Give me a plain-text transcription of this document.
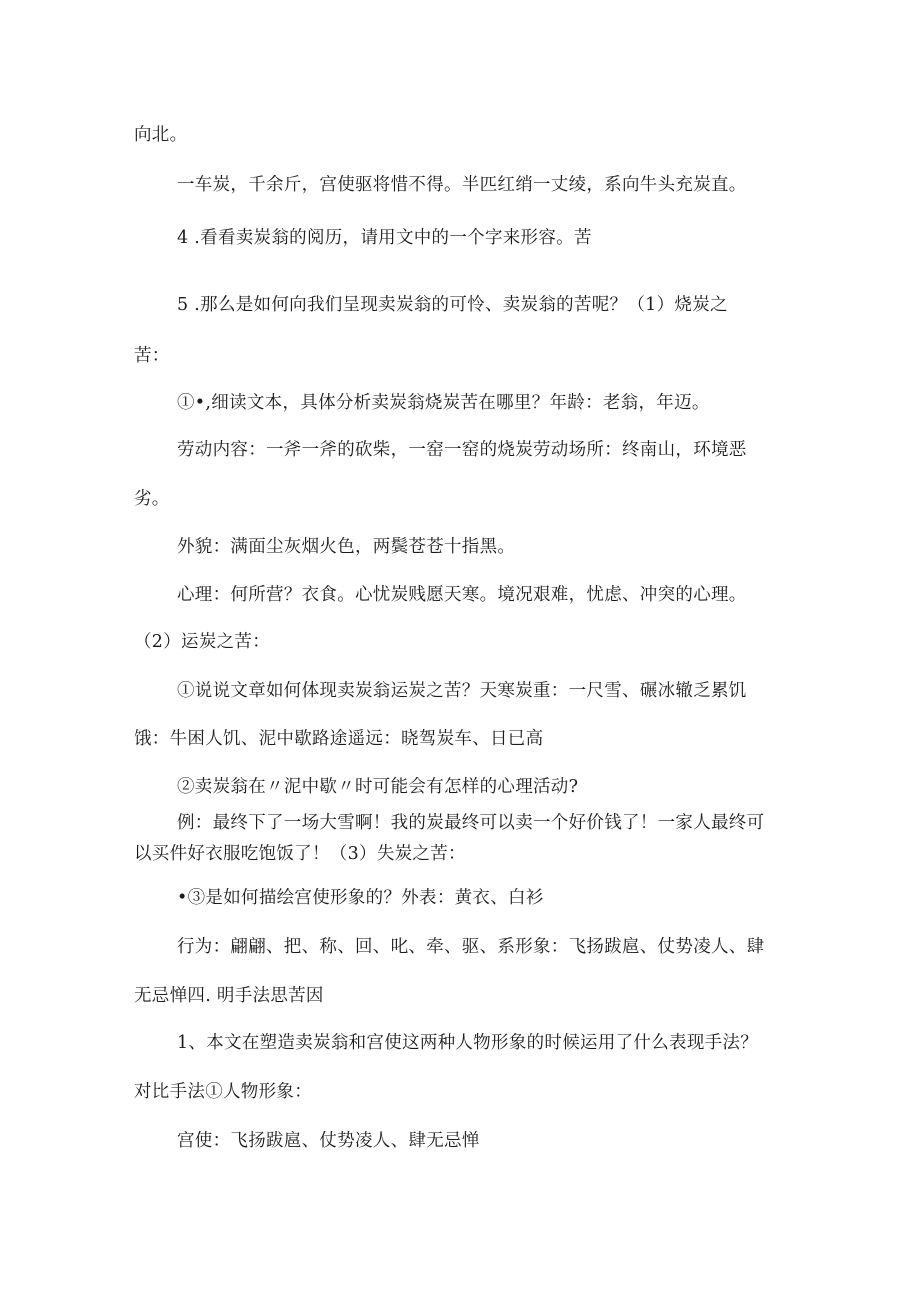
向北。
一车炭，千余斤，宫使驱将惜不得。半匹红绡一丈绫，系向牛头充炭直。
4 .看看卖炭翁的阅历，请用文中的一个字来形容。苦
5 .那么是如何向我们呈现卖炭翁的可怜、卖炭翁的苦呢？（1）烧炭之
苦：
①•,细读文本，具体分析卖炭翁烧炭苦在哪里？年龄：老翁，年迈。
劳动内容：一斧一斧的砍柴，一窑一窑的烧炭劳动场所：终南山，环境恶
劣。
外貌：满面尘灰烟火色，两鬓苍苍十指黑。
心理：何所营？衣食。心忧炭贱愿天寒。境况艰难，忧虑、冲突的心理。
（2）运炭之苦：
①说说文章如何体现卖炭翁运炭之苦？天寒炭重：一尺雪、碾冰辙乏累饥
饿：牛困人饥、泥中歇路途遥远：晓驾炭车、日已高
②卖炭翁在〃泥中歇〃时可能会有怎样的心理活动?
例：最终下了一场大雪啊！我的炭最终可以卖一个好价钱了！一家人最终可
以买件好衣服吃饱饭了！（3）失炭之苦：
•③是如何描绘宫使形象的？外表：黄衣、白衫
行为：翩翩、把、称、回、叱、牵、驱、系形象：飞扬跋扈、仗势凌人、肆
无忌惮四. 明手法思苦因
1、本文在塑造卖炭翁和宫使这两种人物形象的时候运用了什么表现手法？
对比手法①人物形象：
宫使：飞扬跋扈、仗势凌人、肆无忌惮
